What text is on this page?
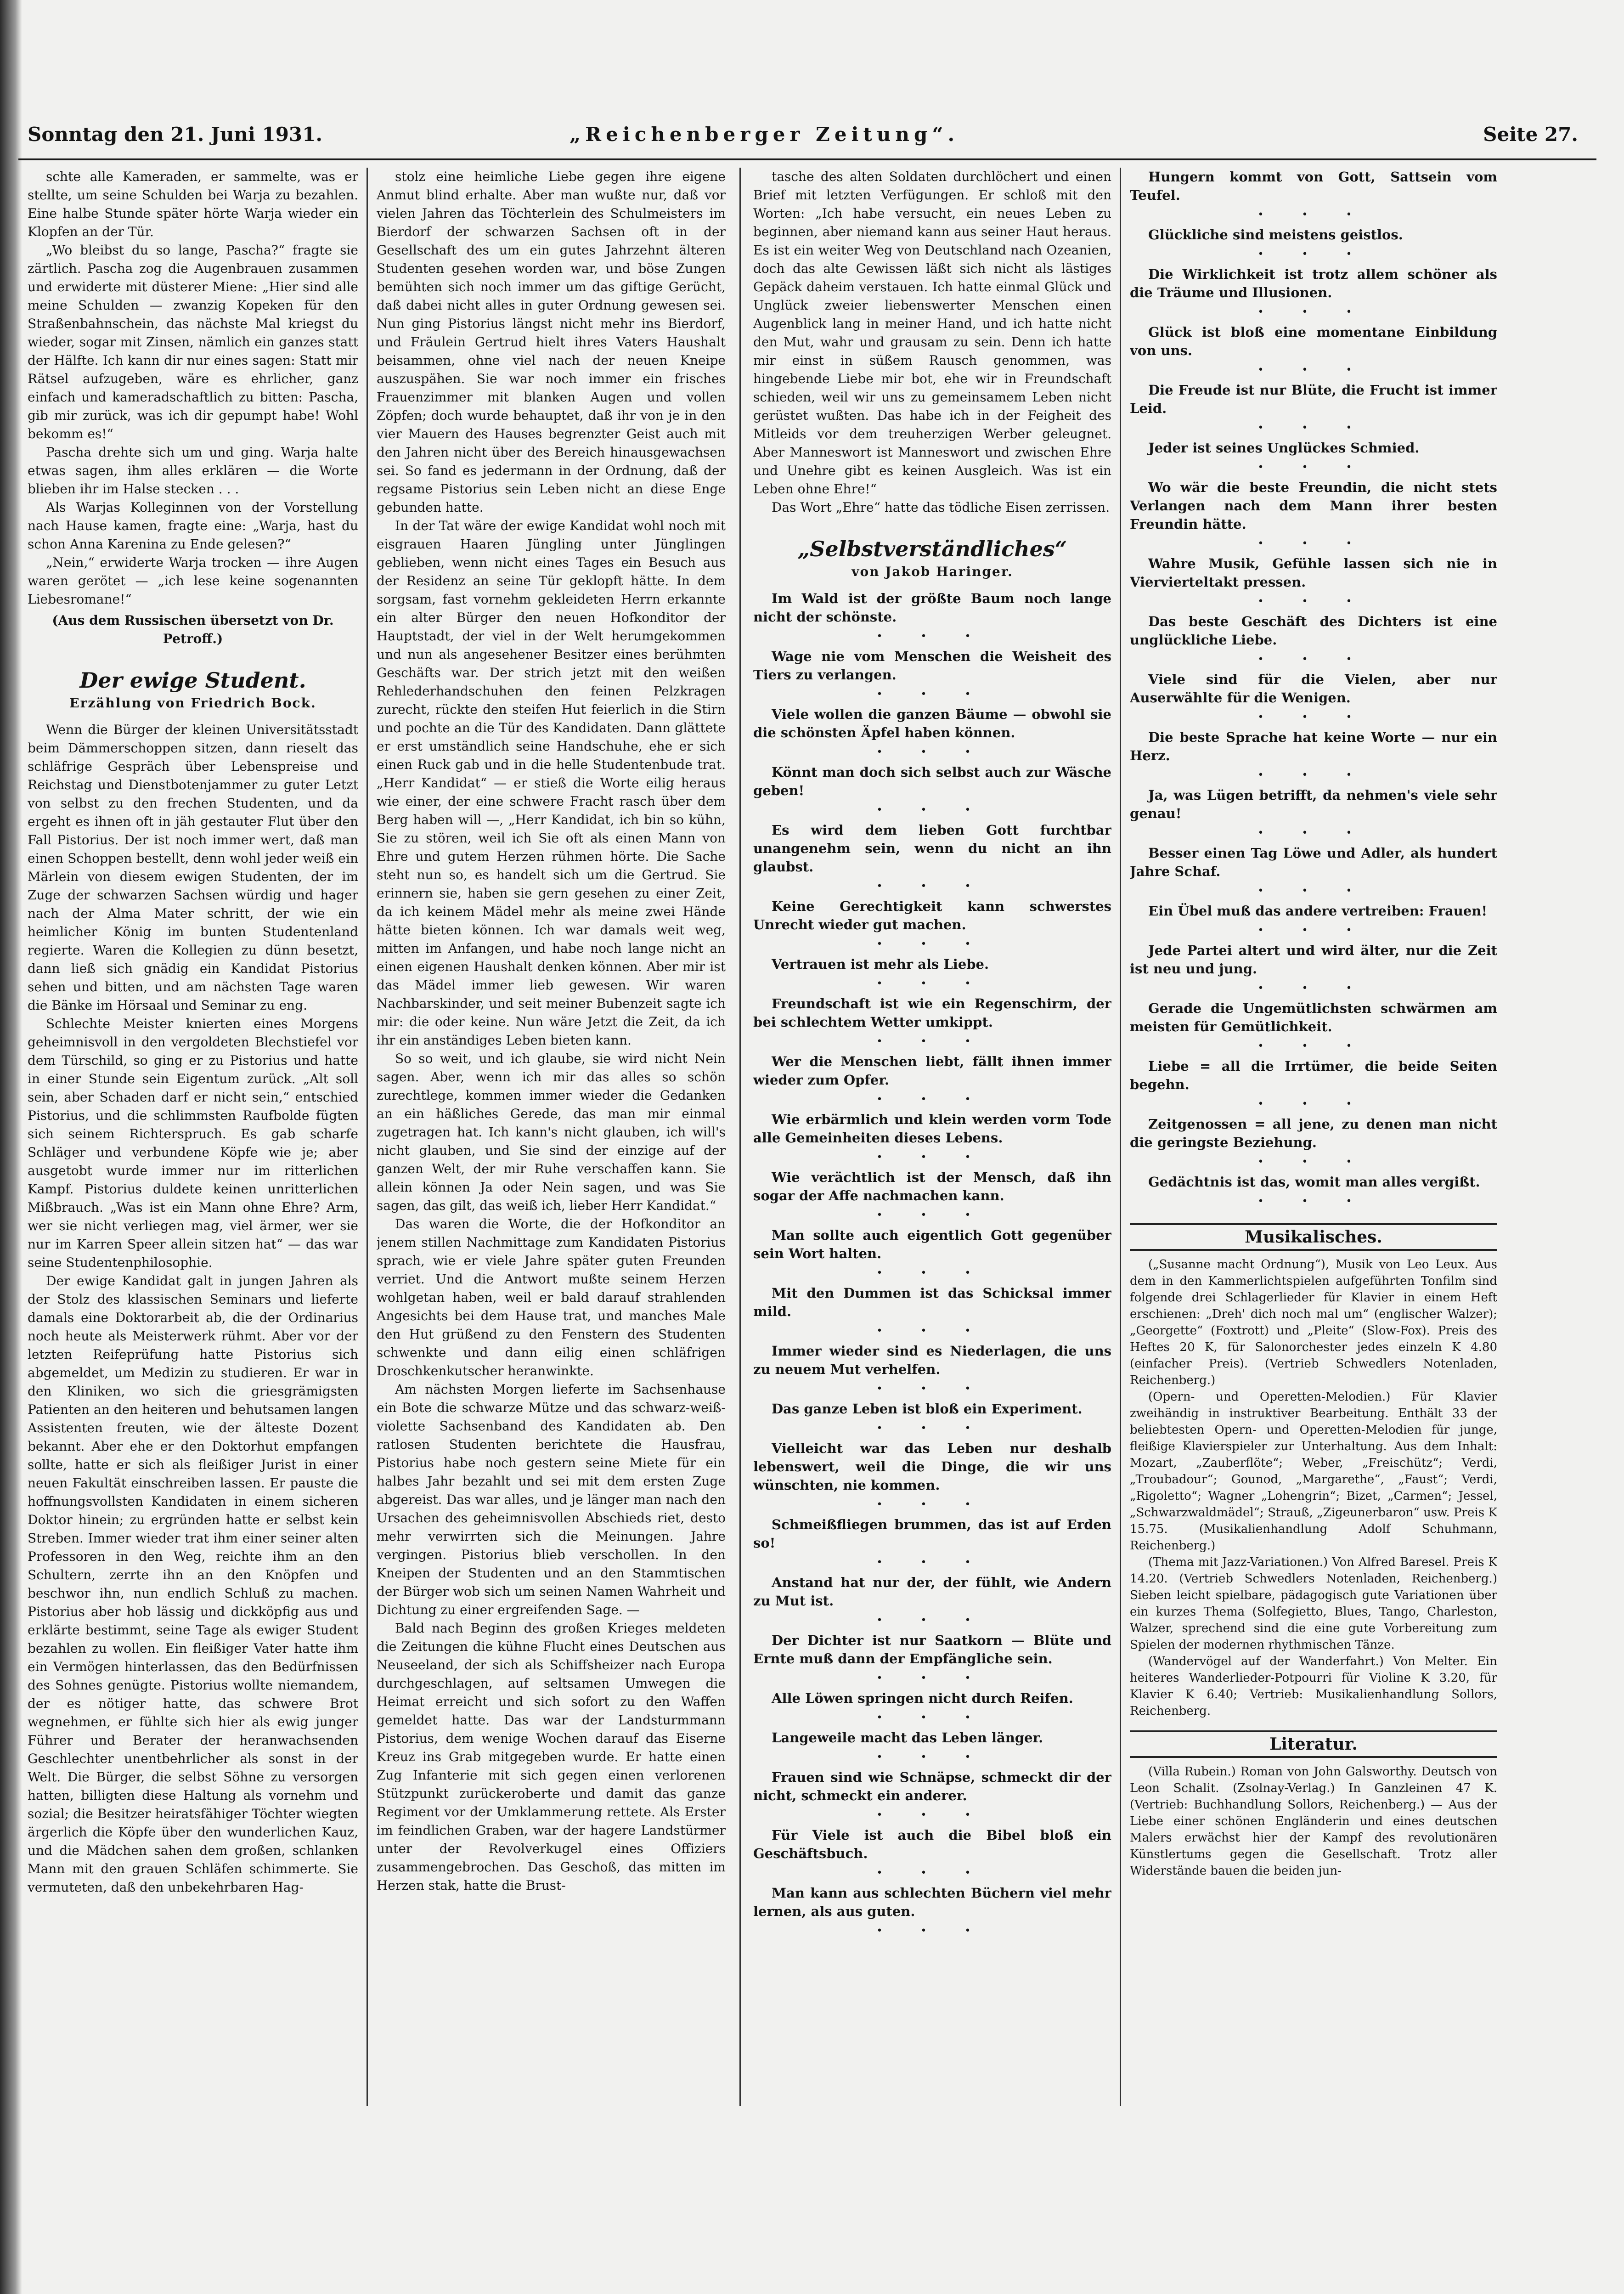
Sonntag den 21. Juni 1931.	„Reichenberger Zeitung“.	Seite 27.

schte alle Kameraden, er sammelte, was er stellte, um seine Schulden bei Warja zu bezahlen. Eine halbe Stunde später hörte Warja wieder ein Klopfen an der Tür.

„Wo bleibst du so lange, Pascha?“ fragte sie zärtlich. Pascha zog die Augenbrauen zusammen und erwiderte mit düsterer Miene: „Hier sind alle meine Schulden — zwanzig Kopeken für den Straßenbahnschein, das nächste Mal kriegst du wieder, sogar mit Zinsen, nämlich ein ganzes statt der Hälfte. Ich kann dir nur eines sagen: Statt mir Rätsel aufzugeben, wäre es ehrlicher, ganz einfach und kameradschaftlich zu bitten: Pascha, gib mir zurück, was ich dir gepumpt habe! Wohl bekomm es!“

Pascha drehte sich um und ging. Warja halte etwas sagen, ihm alles erklären — die Worte blieben ihr im Halse stecken . . .

Als Warjas Kolleginnen von der Vorstellung nach Hause kamen, fragte eine: „Warja, hast du schon Anna Karenina zu Ende gelesen?“

„Nein,“ erwiderte Warja trocken — ihre Augen waren gerötet — „ich lese keine sogenannten Liebesromane!“

(Aus dem Russischen übersetzt von Dr. Petroff.)
Der ewige Student.
Erzählung von Friedrich Bock.

Wenn die Bürger der kleinen Universitätsstadt beim Dämmerschoppen sitzen, dann rieselt das schläfrige Gespräch über Lebenspreise und Reichstag und Dienstbotenjammer zu guter Letzt von selbst zu den frechen Studenten, und da ergeht es ihnen oft in jäh gestauter Flut über den Fall Pistorius. Der ist noch immer wert, daß man einen Schoppen bestellt, denn wohl jeder weiß ein Märlein von diesem ewigen Studenten, der im Zuge der schwarzen Sachsen würdig und hager nach der Alma Mater schritt, der wie ein heimlicher König im bunten Studentenland regierte. Waren die Kollegien zu dünn besetzt, dann ließ sich gnädig ein Kandidat Pistorius sehen und bitten, und am nächsten Tage waren die Bänke im Hörsaal und Seminar zu eng.

Schlechte Meister knierten eines Morgens geheimnisvoll in den vergoldeten Blechstiefel vor dem Türschild, so ging er zu Pistorius und hatte in einer Stunde sein Eigentum zurück. „Alt soll sein, aber Schaden darf er nicht sein,“ entschied Pistorius, und die schlimmsten Raufbolde fügten sich seinem Richterspruch. Es gab scharfe Schläger und verbundene Köpfe wie je; aber ausgetobt wurde immer nur im ritterlichen Kampf. Pistorius duldete keinen unritterlichen Mißbrauch. „Was ist ein Mann ohne Ehre? Arm, wer sie nicht verliegen mag, viel ärmer, wer sie nur im Karren Speer allein sitzen hat“ — das war seine Studentenphilosophie.

Der ewige Kandidat galt in jungen Jahren als der Stolz des klassischen Seminars und lieferte damals eine Doktorarbeit ab, die der Ordinarius noch heute als Meisterwerk rühmt. Aber vor der letzten Reifeprüfung hatte Pistorius sich abgemeldet, um Medizin zu studieren. Er war in den Kliniken, wo sich die griesgrämigsten Patienten an den heiteren und behutsamen langen Assistenten freuten, wie der älteste Dozent bekannt. Aber ehe er den Doktorhut empfangen sollte, hatte er sich als fleißiger Jurist in einer neuen Fakultät einschreiben lassen. Er pauste die hoffnungsvollsten Kandidaten in einem sicheren Doktor hinein; zu ergründen hatte er selbst kein Streben. Immer wieder trat ihm einer seiner alten Professoren in den Weg, reichte ihm an den Schultern, zerrte ihn an den Knöpfen und beschwor ihn, nun endlich Schluß zu machen. Pistorius aber hob lässig und dickköpfig aus und erklärte bestimmt, seine Tage als ewiger Student bezahlen zu wollen. Ein fleißiger Vater hatte ihm ein Vermögen hinterlassen, das den Bedürfnissen des Sohnes genügte. Pistorius wollte niemandem, der es nötiger hatte, das schwere Brot wegnehmen, er fühlte sich hier als ewig junger Führer und Berater der heranwachsenden Geschlechter unentbehrlicher als sonst in der Welt. Die Bürger, die selbst Söhne zu versorgen hatten, billigten diese Haltung als vornehm und sozial; die Besitzer heiratsfähiger Töchter wiegten ärgerlich die Köpfe über den wunderlichen Kauz, und die Mädchen sahen dem großen, schlanken Mann mit den grauen Schläfen schimmerte. Sie vermuteten, daß den unbekehrbaren Hag-

stolz eine heimliche Liebe gegen ihre eigene Anmut blind erhalte. Aber man wußte nur, daß vor vielen Jahren das Töchterlein des Schulmeisters im Bierdorf der schwarzen Sachsen oft in der Gesellschaft des um ein gutes Jahrzehnt älteren Studenten gesehen worden war, und böse Zungen bemühten sich noch immer um das giftige Gerücht, daß dabei nicht alles in guter Ordnung gewesen sei. Nun ging Pistorius längst nicht mehr ins Bierdorf, und Fräulein Gertrud hielt ihres Vaters Haushalt beisammen, ohne viel nach der neuen Kneipe auszuspähen. Sie war noch immer ein frisches Frauenzimmer mit blanken Augen und vollen Zöpfen; doch wurde behauptet, daß ihr von je in den vier Mauern des Hauses begrenzter Geist auch mit den Jahren nicht über des Bereich hinausgewachsen sei. So fand es jedermann in der Ordnung, daß der regsame Pistorius sein Leben nicht an diese Enge gebunden hatte.

In der Tat wäre der ewige Kandidat wohl noch mit eisgrauen Haaren Jüngling unter Jünglingen geblieben, wenn nicht eines Tages ein Besuch aus der Residenz an seine Tür geklopft hätte. In dem sorgsam, fast vornehm gekleideten Herrn erkannte ein alter Bürger den neuen Hofkonditor der Hauptstadt, der viel in der Welt herumgekommen und nun als angesehener Besitzer eines berühmten Geschäfts war. Der strich jetzt mit den weißen Rehlederhandschuhen den feinen Pelzkragen zurecht, rückte den steifen Hut feierlich in die Stirn und pochte an die Tür des Kandidaten. Dann glättete er erst umständlich seine Handschuhe, ehe er sich einen Ruck gab und in die helle Studentenbude trat. „Herr Kandidat“ — er stieß die Worte eilig heraus wie einer, der eine schwere Fracht rasch über dem Berg haben will —, „Herr Kandidat, ich bin so kühn, Sie zu stören, weil ich Sie oft als einen Mann von Ehre und gutem Herzen rühmen hörte. Die Sache steht nun so, es handelt sich um die Gertrud. Sie erinnern sie, haben sie gern gesehen zu einer Zeit, da ich keinem Mädel mehr als meine zwei Hände hätte bieten können. Ich war damals weit weg, mitten im Anfangen, und habe noch lange nicht an einen eigenen Haushalt denken können. Aber mir ist das Mädel immer lieb gewesen. Wir waren Nachbarskinder, und seit meiner Bubenzeit sagte ich mir: die oder keine. Nun wäre Jetzt die Zeit, da ich ihr ein anständiges Leben bieten kann.

So so weit, und ich glaube, sie wird nicht Nein sagen. Aber, wenn ich mir das alles so schön zurechtlege, kommen immer wieder die Gedanken an ein häßliches Gerede, das man mir einmal zugetragen hat. Ich kann's nicht glauben, ich will's nicht glauben, und Sie sind der einzige auf der ganzen Welt, der mir Ruhe verschaffen kann. Sie allein können Ja oder Nein sagen, und was Sie sagen, das gilt, das weiß ich, lieber Herr Kandidat.“

Das waren die Worte, die der Hofkonditor an jenem stillen Nachmittage zum Kandidaten Pistorius sprach, wie er viele Jahre später guten Freunden verriet. Und die Antwort mußte seinem Herzen wohlgetan haben, weil er bald darauf strahlenden Angesichts bei dem Hause trat, und manches Male den Hut grüßend zu den Fenstern des Studenten schwenkte und dann eilig einen schläfrigen Droschkenkutscher heranwinkte.

Am nächsten Morgen lieferte im Sachsenhause ein Bote die schwarze Mütze und das schwarz-weiß-violette Sachsenband des Kandidaten ab. Den ratlosen Studenten berichtete die Hausfrau, Pistorius habe noch gestern seine Miete für ein halbes Jahr bezahlt und sei mit dem ersten Zuge abgereist. Das war alles, und je länger man nach den Ursachen des geheimnisvollen Abschieds riet, desto mehr verwirrten sich die Meinungen. Jahre vergingen. Pistorius blieb verschollen. In den Kneipen der Studenten und an den Stammtischen der Bürger wob sich um seinen Namen Wahrheit und Dichtung zu einer ergreifenden Sage. —

Bald nach Beginn des großen Krieges meldeten die Zeitungen die kühne Flucht eines Deutschen aus Neuseeland, der sich als Schiffsheizer nach Europa durchgeschlagen, auf seltsamen Umwegen die Heimat erreicht und sich sofort zu den Waffen gemeldet hatte. Das war der Landsturmmann Pistorius, dem wenige Wochen darauf das Eiserne Kreuz ins Grab mitgegeben wurde. Er hatte einen Zug Infanterie mit sich gegen einen verlorenen Stützpunkt zurückeroberte und damit das ganze Regiment vor der Umklammerung rettete. Als Erster im feindlichen Graben, war der hagere Landstürmer unter der Revolverkugel eines Offiziers zusammengebrochen. Das Geschoß, das mitten im Herzen stak, hatte die Brust-

tasche des alten Soldaten durchlöchert und einen Brief mit letzten Verfügungen. Er schloß mit den Worten: „Ich habe versucht, ein neues Leben zu beginnen, aber niemand kann aus seiner Haut heraus. Es ist ein weiter Weg von Deutschland nach Ozeanien, doch das alte Gewissen läßt sich nicht als lästiges Gepäck daheim verstauen. Ich hatte einmal Glück und Unglück zweier liebenswerter Menschen einen Augenblick lang in meiner Hand, und ich hatte nicht den Mut, wahr und grausam zu sein. Denn ich hatte mir einst in süßem Rausch genommen, was hingebende Liebe mir bot, ehe wir in Freundschaft schieden, weil wir uns zu gemeinsamem Leben nicht gerüstet wußten. Das habe ich in der Feigheit des Mitleids vor dem treuherzigen Werber geleugnet. Aber Manneswort ist Manneswort und zwischen Ehre und Unehre gibt es keinen Ausgleich. Was ist ein Leben ohne Ehre!“

Das Wort „Ehre“ hatte das tödliche Eisen zerrissen.

„Selbstverständliches“
von Jakob Haringer.

Im Wald ist der größte Baum noch lange nicht der schönste.

• • •

Wage nie vom Menschen die Weisheit des Tiers zu verlangen.

• • •

Viele wollen die ganzen Bäume — obwohl sie die schönsten Äpfel haben können.

• • •

Könnt man doch sich selbst auch zur Wäsche geben!

• • •

Es wird dem lieben Gott furchtbar unangenehm sein, wenn du nicht an ihn glaubst.

• • •

Keine Gerechtigkeit kann schwerstes Unrecht wieder gut machen.

• • •

Vertrauen ist mehr als Liebe.

• • •

Freundschaft ist wie ein Regenschirm, der bei schlechtem Wetter umkippt.

• • •

Wer die Menschen liebt, fällt ihnen immer wieder zum Opfer.

• • •

Wie erbärmlich und klein werden vorm Tode alle Gemeinheiten dieses Lebens.

• • •

Wie verächtlich ist der Mensch, daß ihn sogar der Affe nachmachen kann.

• • •

Man sollte auch eigentlich Gott gegenüber sein Wort halten.

• • •

Mit den Dummen ist das Schicksal immer mild.

• • •

Immer wieder sind es Niederlagen, die uns zu neuem Mut verhelfen.

• • •

Das ganze Leben ist bloß ein Experiment.

• • •

Vielleicht war das Leben nur deshalb lebenswert, weil die Dinge, die wir uns wünschten, nie kommen.

• • •

Schmeißfliegen brummen, das ist auf Erden so!

• • •

Anstand hat nur der, der fühlt, wie Andern zu Mut ist.

• • •

Der Dichter ist nur Saatkorn — Blüte und Ernte muß dann der Empfängliche sein.

• • •

Alle Löwen springen nicht durch Reifen.

• • •

Langeweile macht das Leben länger.

• • •

Frauen sind wie Schnäpse, schmeckt dir der nicht, schmeckt ein anderer.

• • •

Für Viele ist auch die Bibel bloß ein Geschäftsbuch.

• • •

Man kann aus schlechten Büchern viel mehr lernen, als aus guten.

• • •

Hungern kommt von Gott, Sattsein vom Teufel.

• • •

Glückliche sind meistens geistlos.

• • •

Die Wirklichkeit ist trotz allem schöner als die Träume und Illusionen.

• • •

Glück ist bloß eine momentane Einbildung von uns.

• • •

Die Freude ist nur Blüte, die Frucht ist immer Leid.

• • •

Jeder ist seines Unglückes Schmied.

• • •

Wo wär die beste Freundin, die nicht stets Verlangen nach dem Mann ihrer besten Freundin hätte.

• • •

Wahre Musik, Gefühle lassen sich nie in Viervierteltakt pressen.

• • •

Das beste Geschäft des Dichters ist eine unglückliche Liebe.

• • •

Viele sind für die Vielen, aber nur Auserwählte für die Wenigen.

• • •

Die beste Sprache hat keine Worte — nur ein Herz.

• • •

Ja, was Lügen betrifft, da nehmen's viele sehr genau!

• • •

Besser einen Tag Löwe und Adler, als hundert Jahre Schaf.

• • •

Ein Übel muß das andere vertreiben: Frauen!

• • •

Jede Partei altert und wird älter, nur die Zeit ist neu und jung.

• • •

Gerade die Ungemütlichsten schwärmen am meisten für Gemütlichkeit.

• • •

Liebe = all die Irrtümer, die beide Seiten begehn.

• • •

Zeitgenossen = all jene, zu denen man nicht die geringste Beziehung.

• • •

Gedächtnis ist das, womit man alles vergißt.

• • •
Musikalisches.

(„Susanne macht Ordnung“), Musik von Leo Leux. Aus dem in den Kammerlichtspielen aufgeführten Tonfilm sind folgende drei Schlagerlieder für Klavier in einem Heft erschienen: „Dreh' dich noch mal um“ (englischer Walzer); „Georgette“ (Foxtrott) und „Pleite“ (Slow-Fox). Preis des Heftes 20 K, für Salonorchester jedes einzeln K 4.80 (einfacher Preis). (Vertrieb Schwedlers Notenladen, Reichenberg.)

(Opern- und Operetten-Melodien.) Für Klavier zweihändig in instruktiver Bearbeitung. Enthält 33 der beliebtesten Opern- und Operetten-Melodien für junge, fleißige Klavierspieler zur Unterhaltung. Aus dem Inhalt: Mozart, „Zauberflöte“; Weber, „Freischütz“; Verdi, „Troubadour“; Gounod, „Margarethe“, „Faust“; Verdi, „Rigoletto“; Wagner „Lohengrin“; Bizet, „Carmen“; Jessel, „Schwarzwaldmädel“; Strauß, „Zigeunerbaron“ usw. Preis K 15.75. (Musikalienhandlung Adolf Schuhmann, Reichenberg.)

(Thema mit Jazz-Variationen.) Von Alfred Baresel. Preis K 14.20. (Vertrieb Schwedlers Notenladen, Reichenberg.) Sieben leicht spielbare, pädagogisch gute Variationen über ein kurzes Thema (Solfegietto, Blues, Tango, Charleston, Walzer, sprechend sind die eine gute Vorbereitung zum Spielen der modernen rhythmischen Tänze.

(Wandervögel auf der Wanderfahrt.) Von Melter. Ein heiteres Wanderlieder-Potpourri für Violine K 3.20, für Klavier K 6.40; Vertrieb: Musikalienhandlung Sollors, Reichenberg.

Literatur.

(Villa Rubein.) Roman von John Galsworthy. Deutsch von Leon Schalit. (Zsolnay-Verlag.) In Ganzleinen 47 K. (Vertrieb: Buchhandlung Sollors, Reichenberg.) — Aus der Liebe einer schönen Engländerin und eines deutschen Malers erwächst hier der Kampf des revolutionären Künstlertums gegen die Gesellschaft. Trotz aller Widerstände bauen die beiden jun-
